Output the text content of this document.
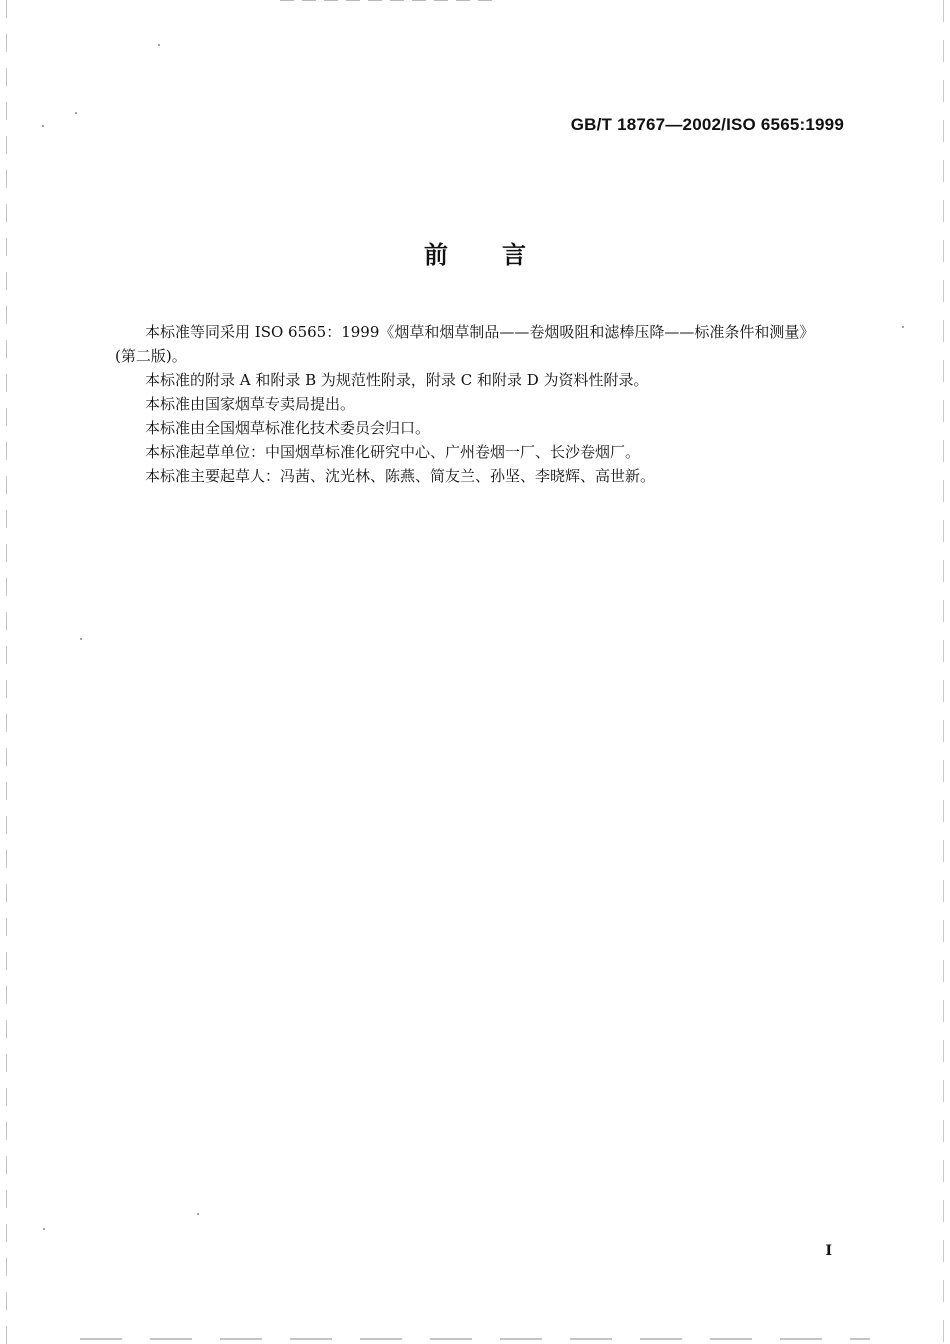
GB/T 18767—2002/ISO 6565:1999
前 言

本标准等同采用 ISO 6565：1999《烟草和烟草制品——卷烟吸阻和滤棒压降——标准条件和测量》

(第二版)。

本标准的附录 A 和附录 B 为规范性附录，附录 C 和附录 D 为资料性附录。

本标准由国家烟草专卖局提出。

本标准由全国烟草标准化技术委员会归口。

本标准起草单位：中国烟草标准化研究中心、广州卷烟一厂、长沙卷烟厂。

本标准主要起草人：冯茜、沈光林、陈燕、简友兰、孙坚、李晓辉、高世新。

I
